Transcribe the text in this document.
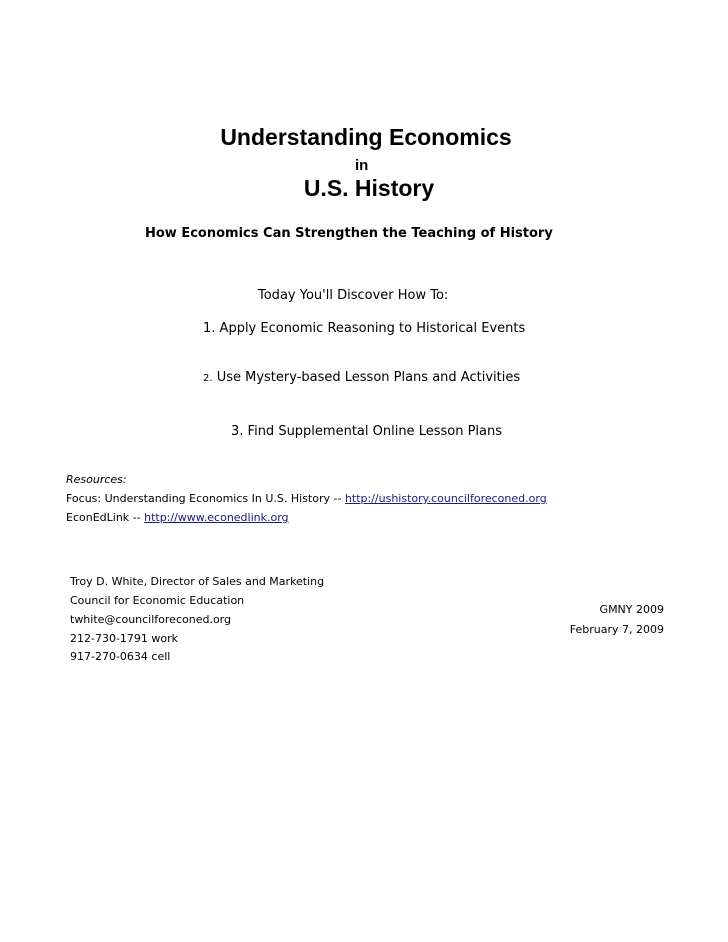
Understanding Economics
in
U.S. History
How Economics Can Strengthen the Teaching of History
Today You'll Discover How To:
1. Apply Economic Reasoning to Historical Events
2. Use Mystery-based Lesson Plans and Activities
3. Find Supplemental Online Lesson Plans
Resources:
Focus: Understanding Economics In U.S. History -- http://ushistory.councilforeconed.org
EconEdLink -- http://www.econedlink.org
Troy D. White, Director of Sales and Marketing
Council for Economic Education
twhite@councilforeconed.org
212-730-1791 work
917-270-0634 cell
GMNY 2009
February 7, 2009
